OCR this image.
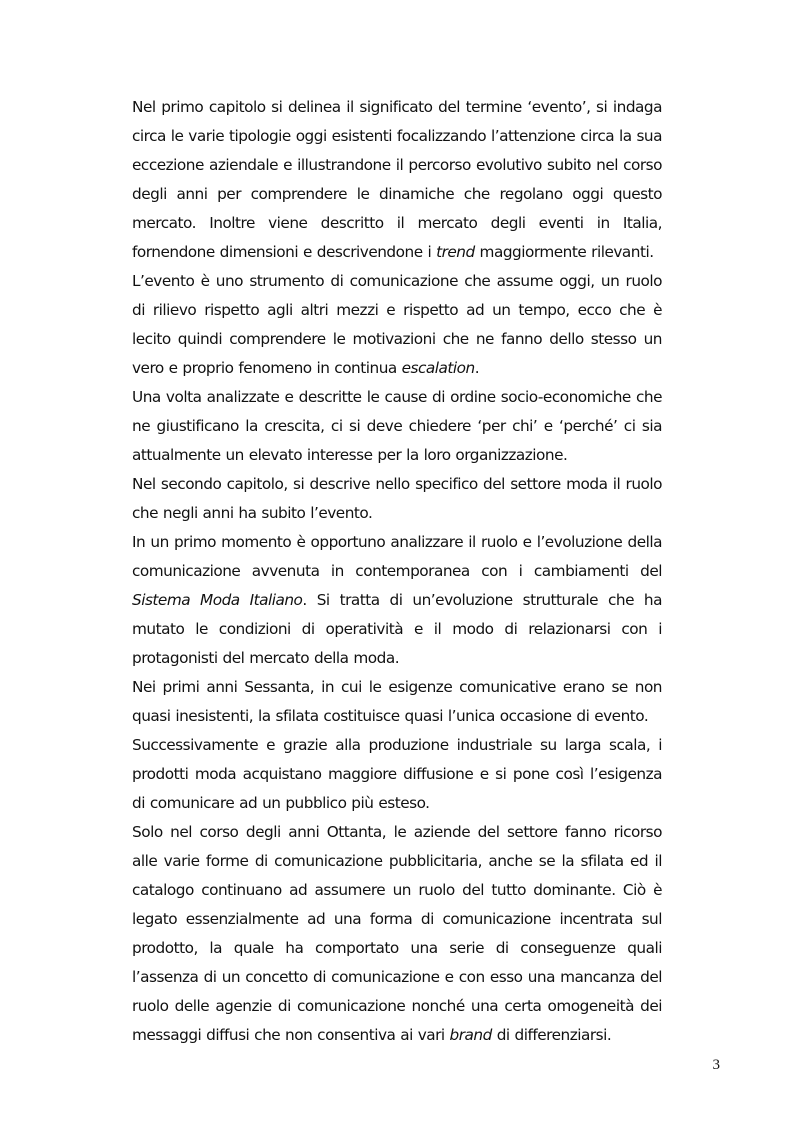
Nel primo capitolo si delinea il significato del termine ‘evento’, si indaga circa le varie tipologie oggi esistenti focalizzando l’attenzione circa la sua eccezione aziendale e illustrandone il percorso evolutivo subito nel corso degli anni per comprendere le dinamiche che regolano oggi questo mercato. Inoltre viene descritto il mercato degli eventi in Italia, fornendone dimensioni e descrivendone i trend maggiormente rilevanti.

L’evento è uno strumento di comunicazione che assume oggi, un ruolo di rilievo rispetto agli altri mezzi e rispetto ad un tempo, ecco che è lecito quindi comprendere le motivazioni che ne fanno dello stesso un vero e proprio fenomeno in continua escalation.

Una volta analizzate e descritte le cause di ordine socio-economiche che ne giustificano la crescita, ci si deve chiedere ‘per chi’ e ‘perché’ ci sia attualmente un elevato interesse per la loro organizzazione.

Nel secondo capitolo, si descrive nello specifico del settore moda il ruolo che negli anni ha subito l’evento.

In un primo momento è opportuno analizzare il ruolo e l’evoluzione della comunicazione avvenuta in contemporanea con i cambiamenti del Sistema Moda Italiano. Si tratta di un’evoluzione strutturale che ha mutato le condizioni di operatività e il modo di relazionarsi con i protagonisti del mercato della moda.

Nei primi anni Sessanta, in cui le esigenze comunicative erano se non quasi inesistenti, la sfilata costituisce quasi l’unica occasione di evento.

Successivamente e grazie alla produzione industriale su larga scala, i prodotti moda acquistano maggiore diffusione e si pone così l’esigenza di comunicare ad un pubblico più esteso.

Solo nel corso degli anni Ottanta, le aziende del settore fanno ricorso alle varie forme di comunicazione pubblicitaria, anche se la sfilata ed il catalogo continuano ad assumere un ruolo del tutto dominante. Ciò è legato essenzialmente ad una forma di comunicazione incentrata sul prodotto, la quale ha comportato una serie di conseguenze quali l’assenza di un concetto di comunicazione e con esso una mancanza del ruolo delle agenzie di comunicazione nonché una certa omogeneità dei messaggi diffusi che non consentiva ai vari brand di differenziarsi.

3
